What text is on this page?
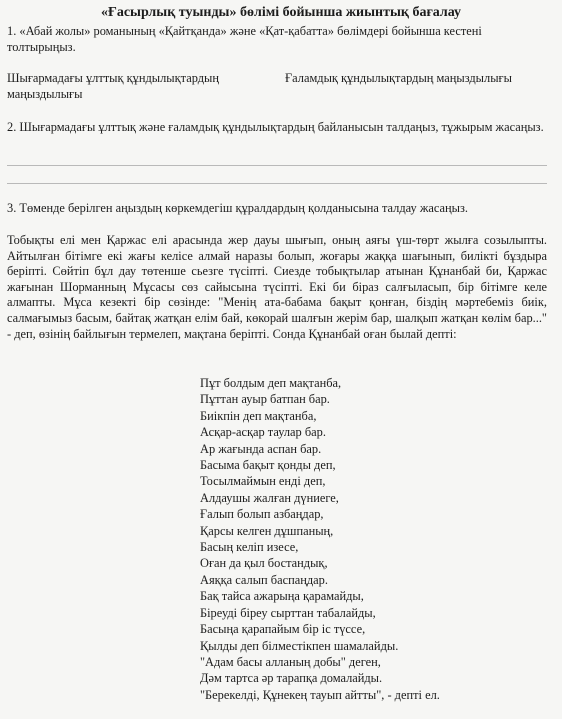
«Ғасырлық туынды» бөлімі бойынша жиынтық бағалау
1. «Абай жолы» романының «Қайтқанда» және «Қат-қабатта» бөлімдері бойынша кестені толтырыңыз.
Шығармадағы ұлттық құндылықтардың маңыздылығы
Ғаламдық құндылықтардың маңыздылығы
2. Шығармадағы ұлттық және ғаламдық құндылықтардың байланысын талдаңыз, тұжырым жасаңыз.
3. Төменде берілген аңыздың көркемдегіш құралдардың қолданысына талдау жасаңыз.
Тобықты елі мен Қаржас елі арасында жер дауы шығып, оның аяғы үш-төрт жылға созылыпты. Айтылған бітімге екі жағы келісе алмай наразы болып, жоғары жаққа шағынып, билікті бұздыра беріпті. Сөйтіп бұл дау төтенше сьезге түсіпті. Сиезде тобықтылар атынан Құнанбай би, Қаржас жағынан Шорманның Мұсасы сөз сайысына түсіпті. Екі би біраз салғыласып, бір бітімге келе алмапты. Мұса кезекті бір сөзінде: "Менің ата-бабама бақыт қонған, біздің мәртебеміз биік, салмағымыз басым, байтақ жатқан елім бай, көкорай шалғын жерім бар, шалқып жатқан көлім бар..." - деп, өзінің байлығын термелеп, мақтана беріпті. Сонда Құнанбай оған былай депті:
Пұт болдым деп мақтанба,
Пұттан ауыр батпан бар.
Биікпін деп мақтанба,
Асқар-асқар таулар бар.
Ар жағында аспан бар.
Басыма бақыт қонды деп,
Тосылмаймын енді деп,
Алдаушы жалған дүниеге,
Ғалып болып азбаңдар,
Қарсы келген дұшпаның,
Басың келіп изесе,
Оған да қыл бостандық,
Аяққа салып баспаңдар.
Бақ тайса ажарыңа қарамайды,
Біреуді біреу сырттан табалайды,
Басыңа қарапайым бір іс түссе,
Қылды деп білместікпен шамалайды.
"Адам басы алланың добы" деген,
Дәм тартса әр тарапқа домалайды.
"Берекелді, Құнекең тауып айтты", - депті ел.
